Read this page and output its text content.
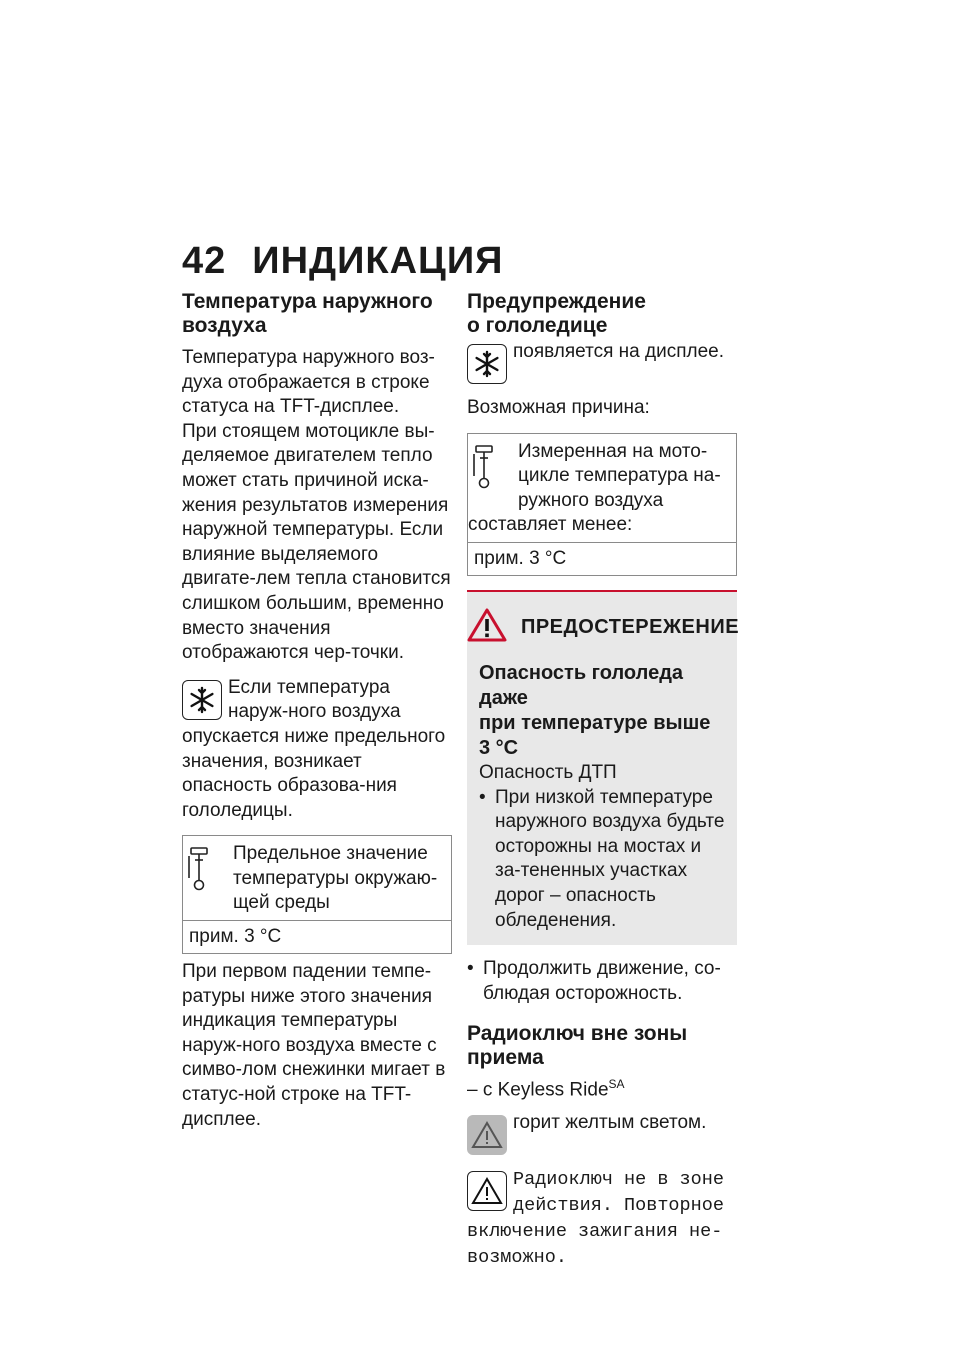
42 ИНДИКАЦИЯ

Температура наружного
воздуха

Температура наружного воз-духа отображается в строке статуса на TFT-дисплее.

При стоящем мотоцикле вы-деляемое двигателем тепло может стать причиной иска-жения результатов измерения наружной температуры. Если влияние выделяемого двигате-лем тепла становится слишком большим, временно вместо значения отображаются чер-точки.

Если температура наруж-ного воздуха опускается ниже предельного значения, возникает опасность образова-ния гололедицы.

Предельное значение температуры окружаю-щей среды
прим. 3 °C

При первом падении темпе-ратуры ниже этого значения индикация температуры наруж-ного воздуха вместе с симво-лом снежинки мигает в статус-ной строке на TFT-дисплее.

Предупреждение
о гололедице

появляется на дисплее.

Возможная причина:

Измеренная на мото-цикле температура на-ружного воздуха составляет менее:
прим. 3 °C
ПРЕДОСТЕРЕЖЕНИЕ

Опасность гололеда даже
при температуре выше
3 °C

Опасность ДТП

• При низкой температуре наружного воздуха будьте осторожны на мостах и за-тененных участках дорог – опасность обледенения.

• Продолжить движение, со-блюдая осторожность.

Радиоключ вне зоны
приема

– с Keyless Ride$^{SA}$

горит желтым светом.

Радиоключ не в зоне действия. Повторное включение зажигания не-возможно.
